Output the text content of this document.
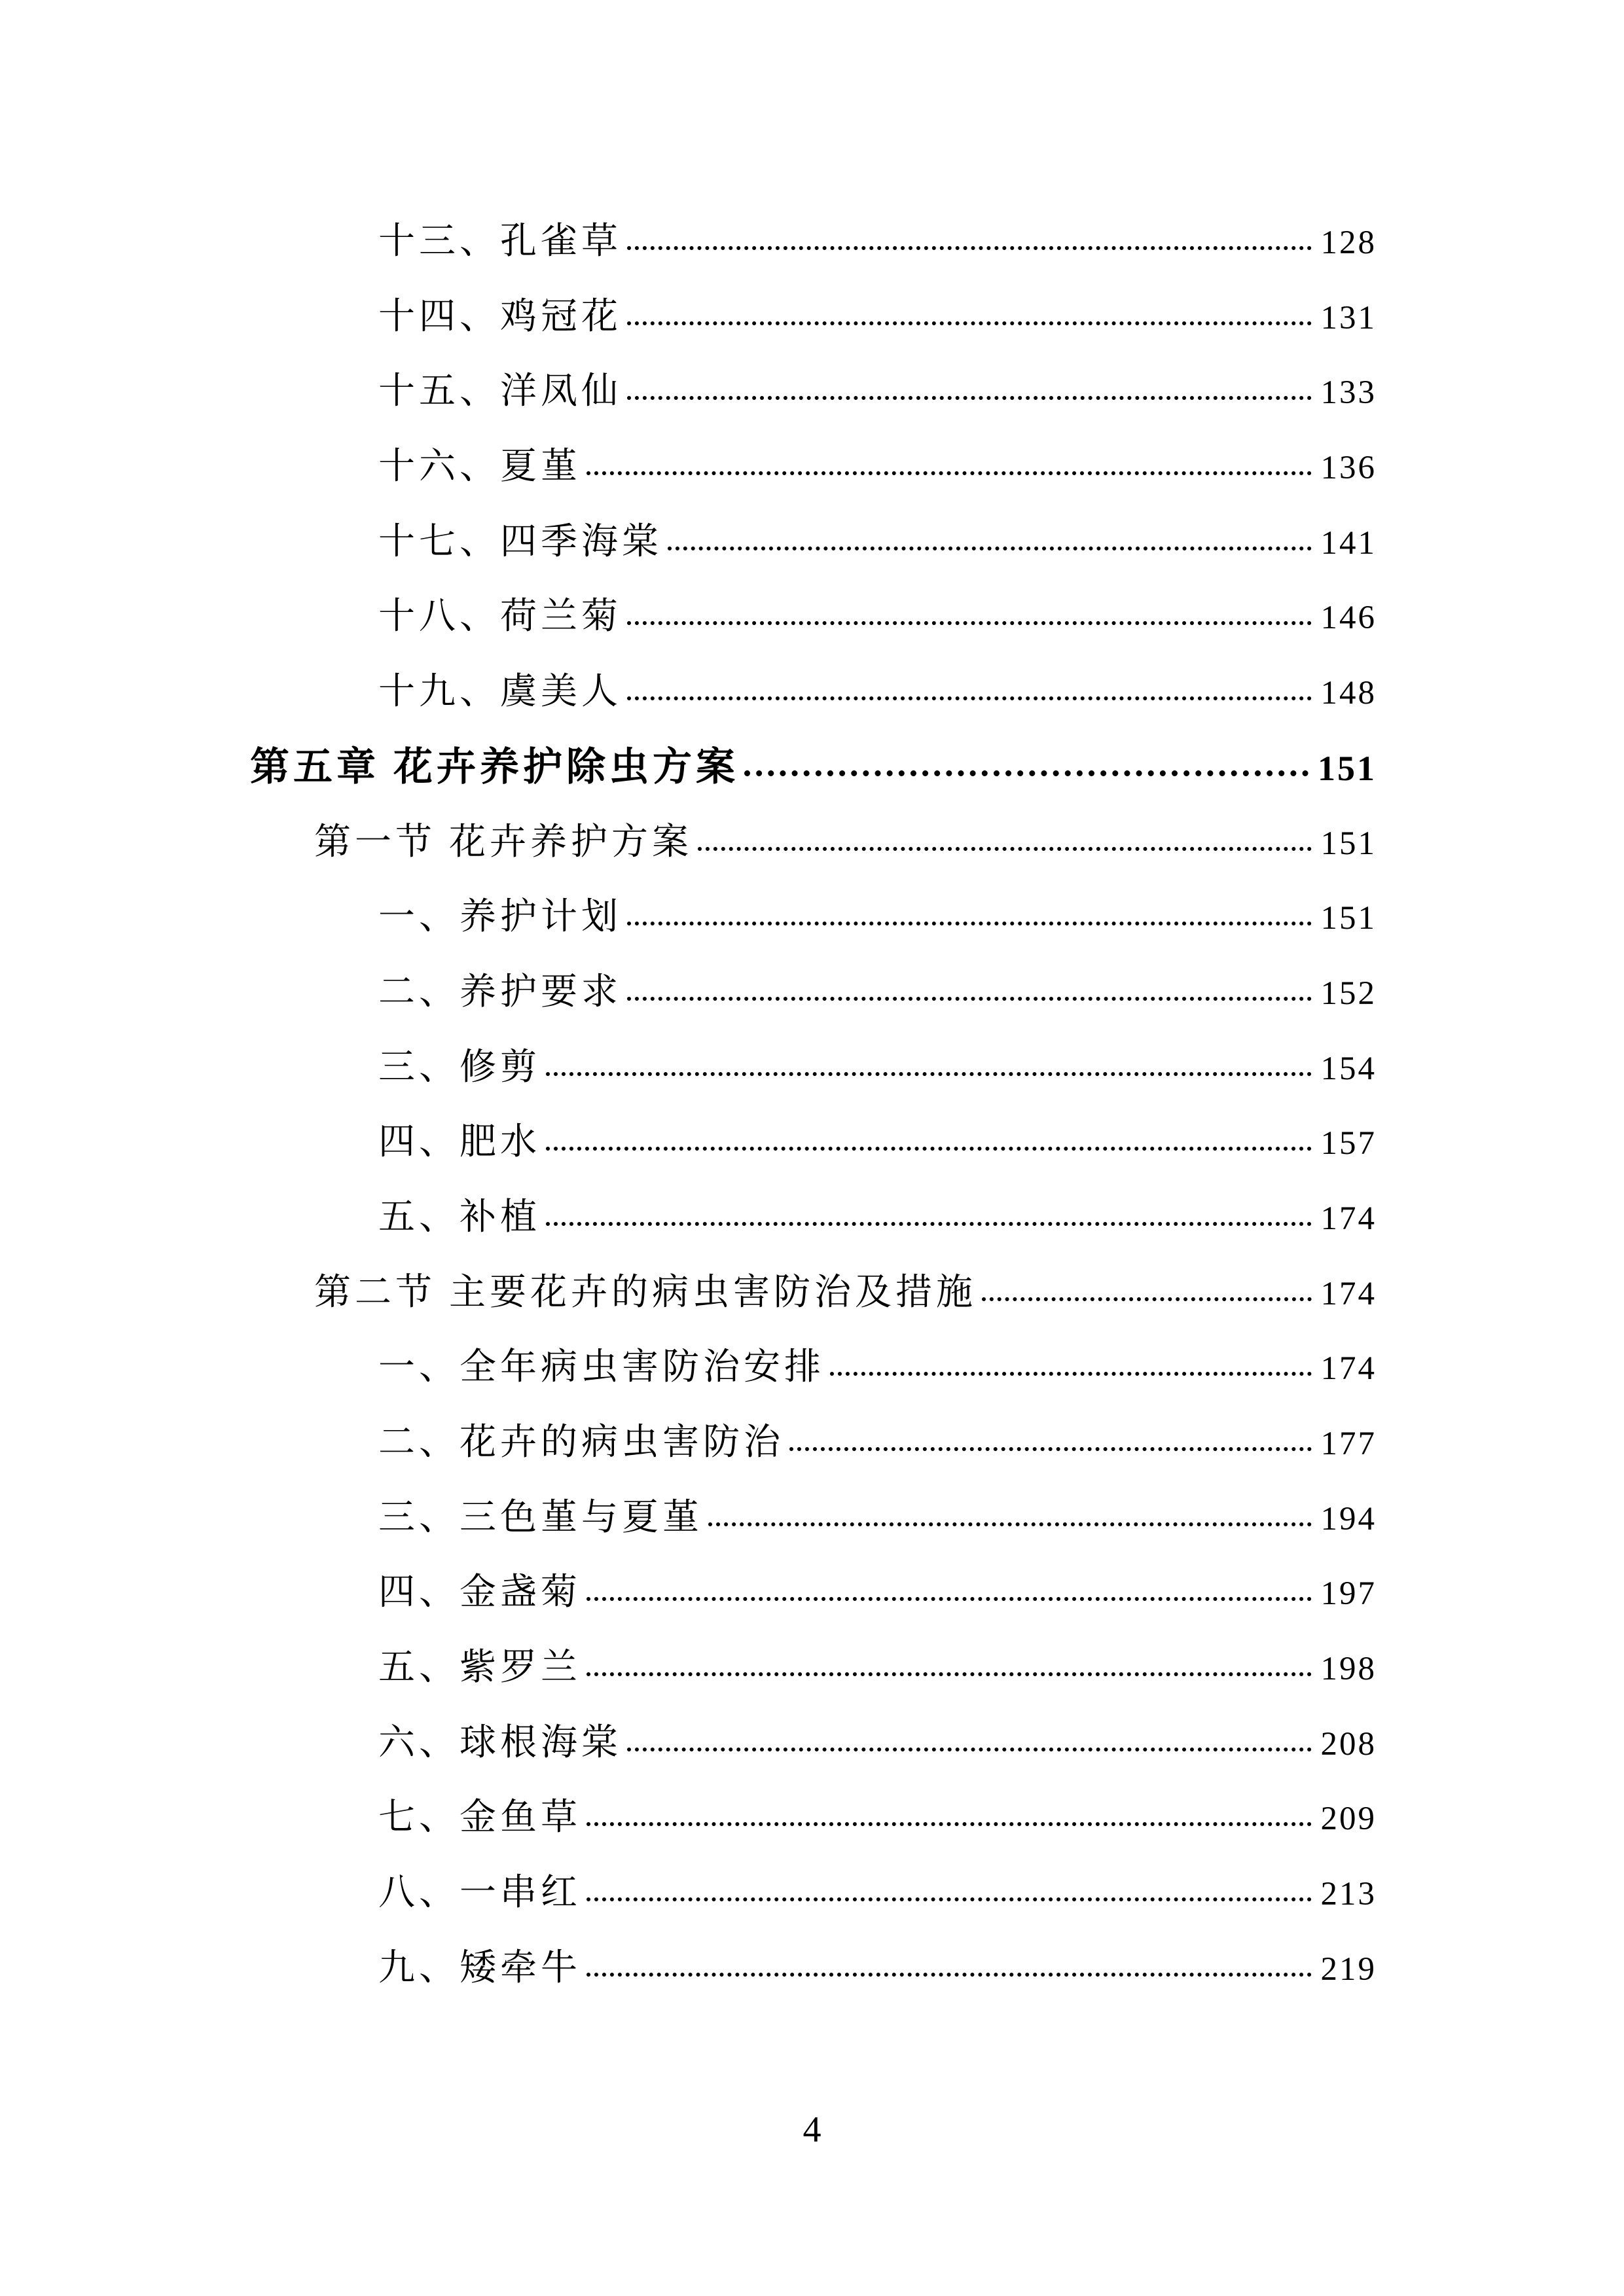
十三、孔雀草	128
十四、鸡冠花	131
十五、洋凤仙	133
十六、夏堇	136
十七、四季海棠	141
十八、荷兰菊	146
十九、虞美人	148
第五章 花卉养护除虫方案	151
第一节 花卉养护方案	151
一、养护计划	151
二、养护要求	152
三、修剪	154
四、肥水	157
五、补植	174
第二节 主要花卉的病虫害防治及措施	174
一、全年病虫害防治安排	174
二、花卉的病虫害防治	177
三、三色堇与夏堇	194
四、金盏菊	197
五、紫罗兰	198
六、球根海棠	208
七、金鱼草	209
八、一串红	213
九、矮牵牛	219
4
